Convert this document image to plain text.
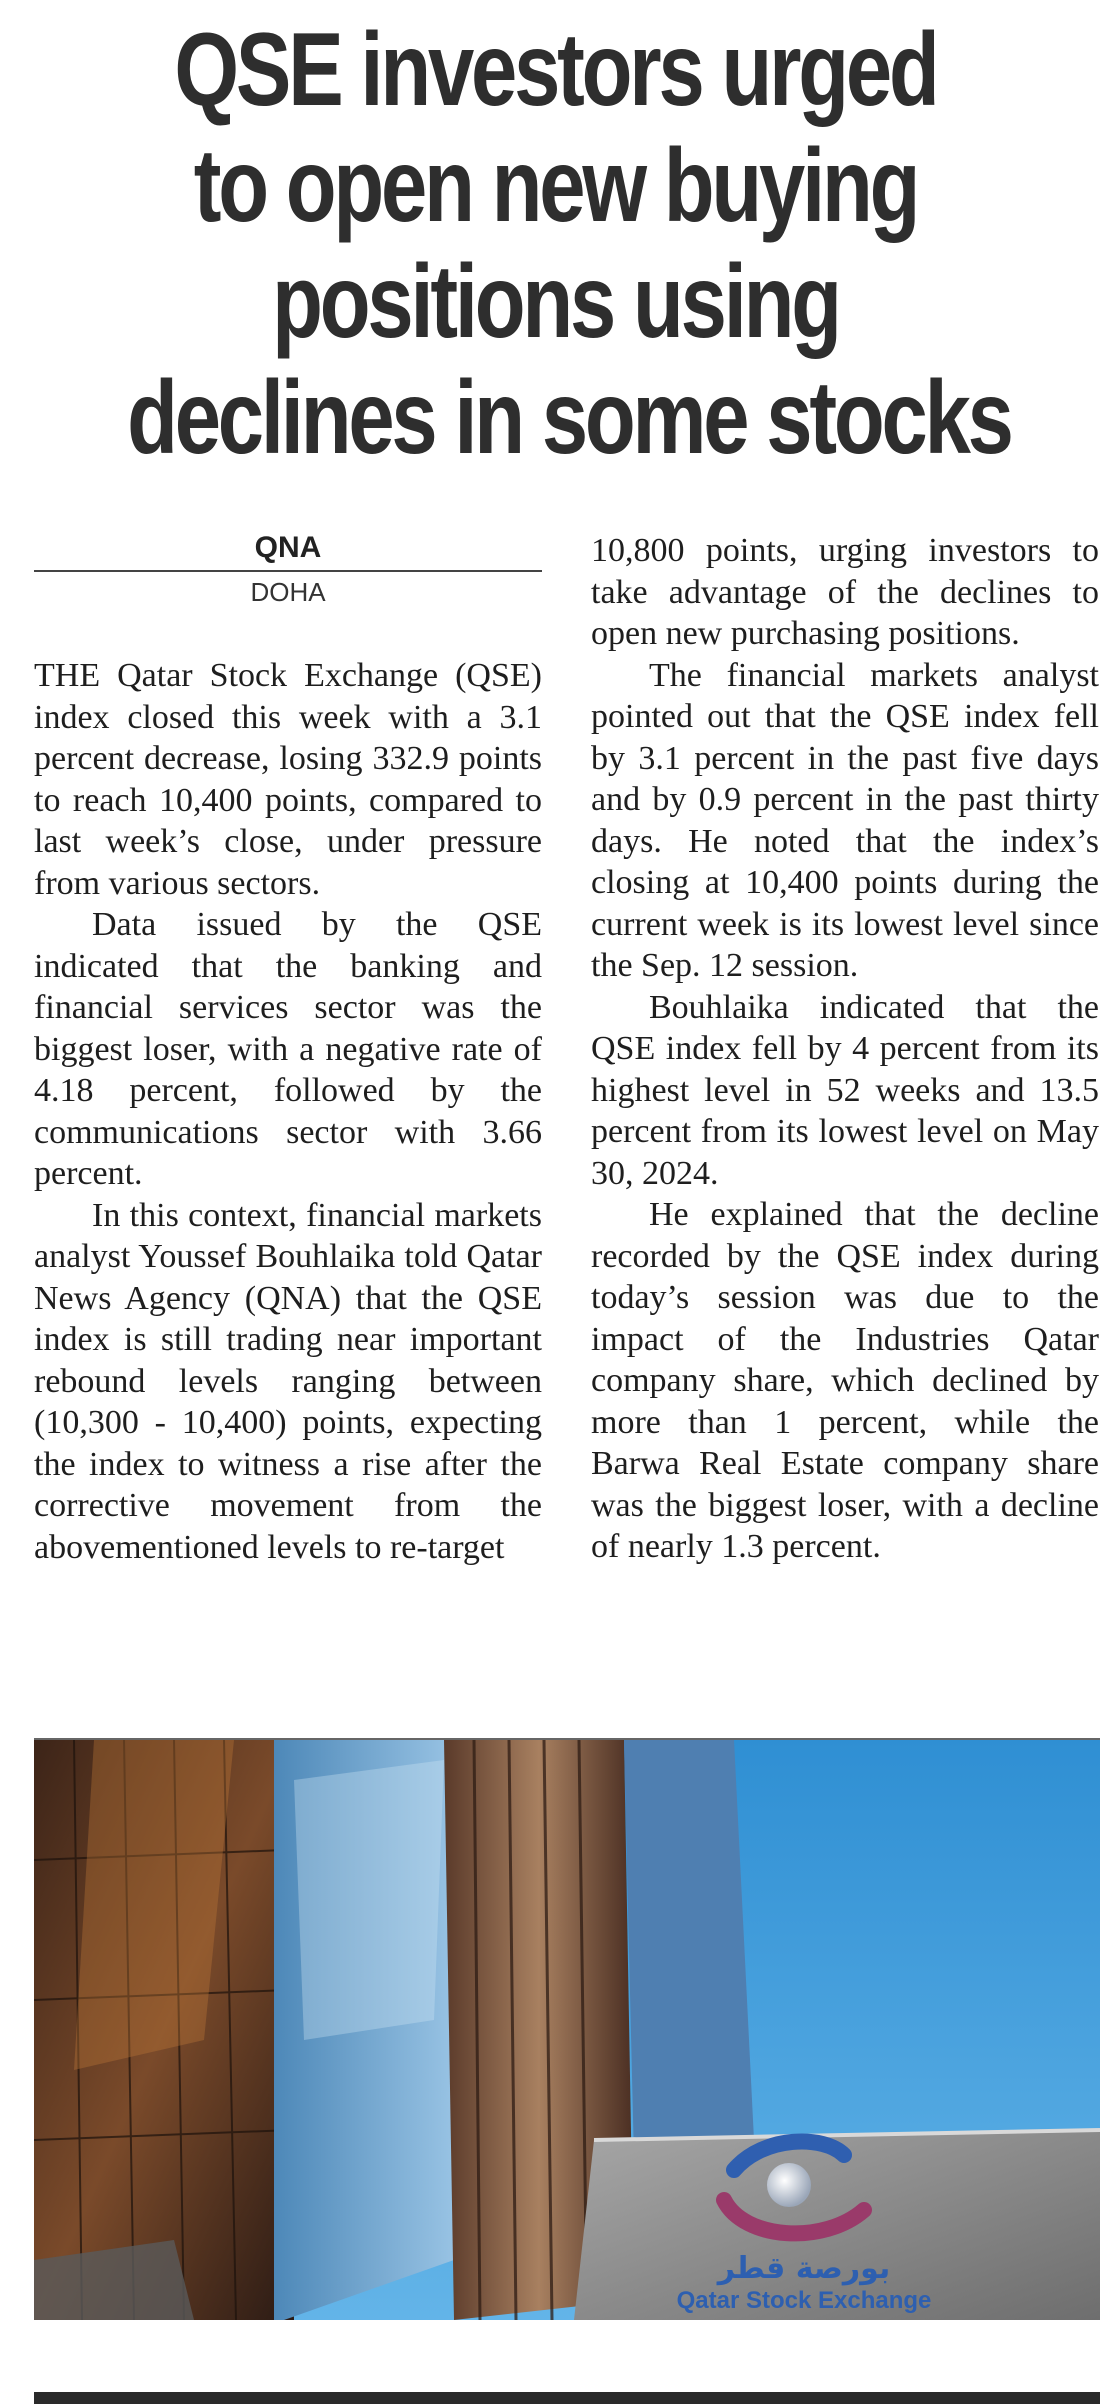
QSE investors urged
to open new buying
positions using
declines in some stocks
QNA
DOHA

THE Qatar Stock Exchange (QSE) index closed this week with a 3.1 percent decrease, losing 332.9 points to reach 10,400 points, compared to last week’s close, under pressure from various sectors.

Data issued by the QSE indicated that the banking and financial services sector was the biggest loser, with a negative rate of 4.18 percent, followed by the communications sector with 3.66 percent.

In this context, financial markets analyst Youssef Bouhlaika told Qatar News Agency (QNA) that the QSE index is still trading near important rebound levels ranging between (10,300 - 10,400) points, expecting the index to witness a rise after the corrective movement from the abovementioned levels to re-target

10,800 points, urging investors to take advantage of the declines to open new purchasing positions.

The financial markets analyst pointed out that the QSE index fell by 3.1 percent in the past five days and by 0.9 percent in the past thirty days. He noted that the index’s closing at 10,400 points during the current week is its lowest level since the Sep. 12 session.

Bouhlaika indicated that the QSE index fell by 4 percent from its highest level in 52 weeks and 13.5 percent from its lowest level on May 30, 2024.

He explained that the decline recorded by the QSE index during today’s session was due to the impact of the Industries Qatar company share, which declined by more than 1 percent, while the Barwa Real Estate company share was the biggest loser, with a decline of nearly 1.3 percent.

بورصة قطر
Qatar Stock Exchange
